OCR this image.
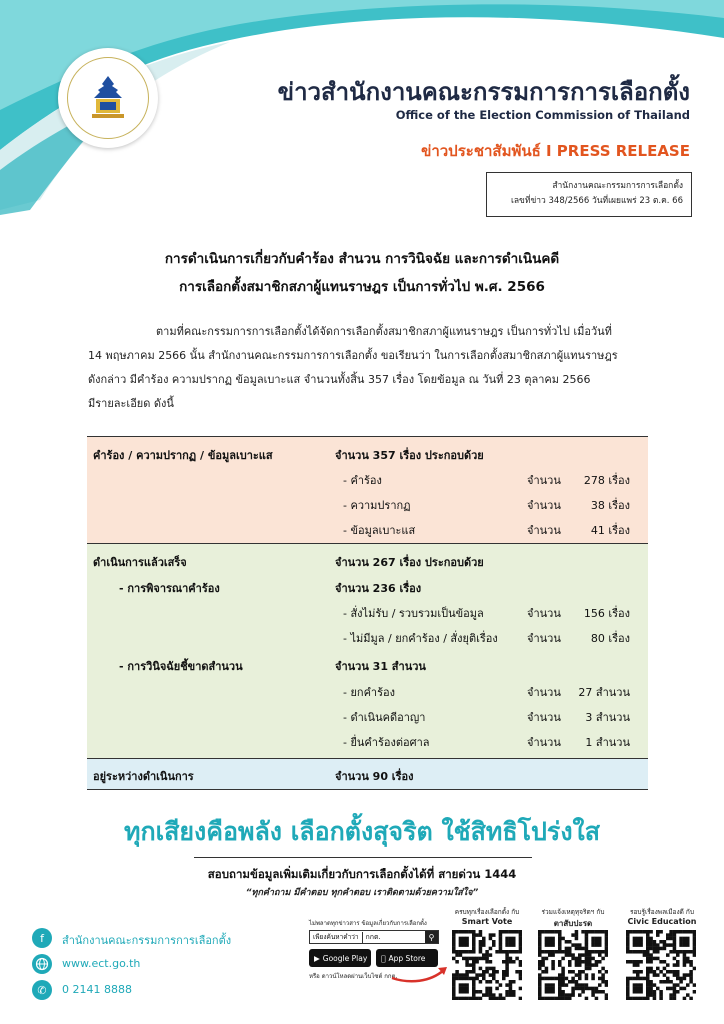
ข่าวสำนักงานคณะกรรมการการเลือกตั้ง
Office of the Election Commission of Thailand
ข่าวประชาสัมพันธ์ I PRESS RELEASE
สำนักงานคณะกรรมการการเลือกตั้ง
เลขที่ข่าว 348/2566 วันที่เผยแพร่ 23 ต.ค. 66
การดำเนินการเกี่ยวกับคำร้อง สำนวน การวินิจฉัย และการดำเนินคดี
การเลือกตั้งสมาชิกสภาผู้แทนราษฎร เป็นการทั่วไป พ.ศ. 2566
ตามที่คณะกรรมการการเลือกตั้งได้จัดการเลือกตั้งสมาชิกสภาผู้แทนราษฎร เป็นการทั่วไป เมื่อวันที่
14 พฤษภาคม 2566 นั้น สำนักงานคณะกรรมการการเลือกตั้ง ขอเรียนว่า ในการเลือกตั้งสมาชิกสภาผู้แทนราษฎร
ดังกล่าว มีคำร้อง ความปรากฏ ข้อมูลเบาะแส จำนวนทั้งสิ้น 357 เรื่อง โดยข้อมูล ณ วันที่ 23 ตุลาคม 2566
มีรายละเอียด ดังนี้
คำร้อง / ความปรากฏ / ข้อมูลเบาะแส	จำนวน 357 เรื่อง ประกอบด้วย
- คำร้อง	จำนวน 278 เรื่อง
- ความปรากฏ	จำนวน	38 เรื่อง
- ข้อมูลเบาะแส	จำนวน	41 เรื่อง
ดำเนินการแล้วเสร็จ	จำนวน 267 เรื่อง ประกอบด้วย
- การพิจารณาคำร้อง	จำนวน 236 เรื่อง
- สั่งไม่รับ / รวบรวมเป็นข้อมูล	จำนวน 156 เรื่อง
- ไม่มีมูล / ยกคำร้อง / สั่งยุติเรื่อง	จำนวน	80 เรื่อง
- การวินิจฉัยชี้ขาดสำนวน	จำนวน 31 สำนวน
- ยกคำร้อง	จำนวน 27 สำนวน
- ดำเนินคดีอาญา	จำนวน 3 สำนวน
- ยื่นคำร้องต่อศาล	จำนวน 1 สำนวน
อยู่ระหว่างดำเนินการ	จำนวน 90 เรื่อง
ทุกเสียงคือพลัง เลือกตั้งสุจริต ใช้สิทธิโปร่งใส
สอบถามข้อมูลเพิ่มเติมเกี่ยวกับการเลือกตั้งได้ที่ สายด่วน 1444
“ทุกคำถาม มีคำตอบ ทุกคำตอบ เราติดตามด้วยความใส่ใจ”
f	สำนักงานคณะกรรมการการเลือกตั้ง
www.ect.go.th
✆	0 2141 8888
ไม่พลาดทุกข่าวสาร ข้อมูลเกี่ยวกับการเลือกตั้ง
เพียงค้นหาคำว่า	กกต.	⚲
▶ Google Play App Store
หรือ ดาวน์โหลดผ่านเว็บไซต์ กกต.
ครบทุกเรื่องเลือกตั้ง กับ
Smart Vote
ร่วมแจ้งเหตุทุจริตฯ กับ
ตาสับปะรด
รอบรู้เรื่องพลเมืองดี กับ
Civic Education
